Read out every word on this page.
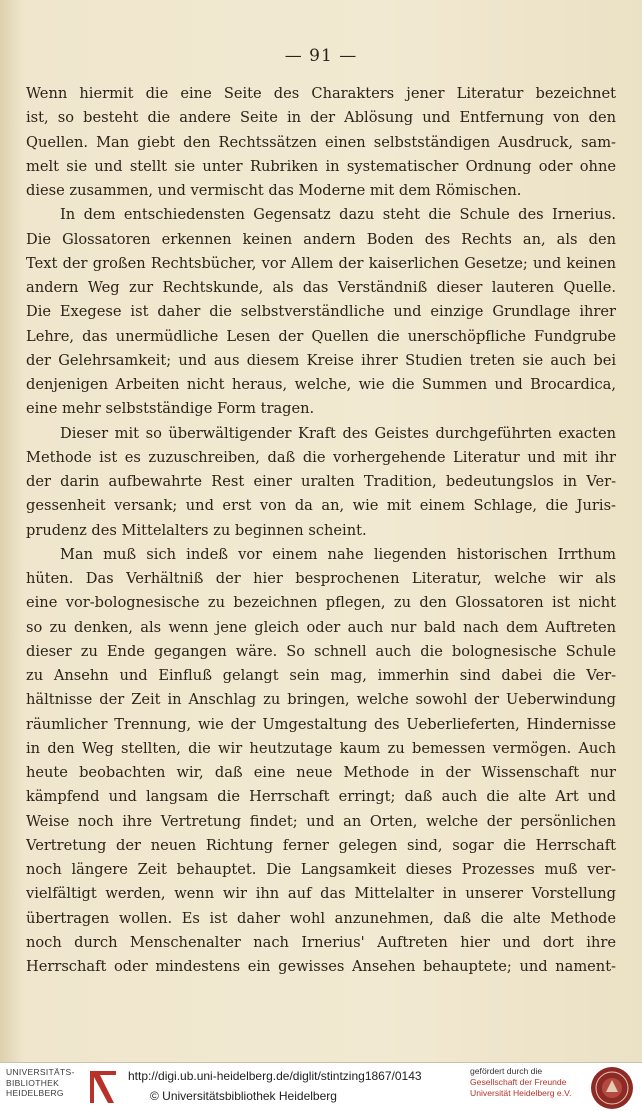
— 91 —
Wenn hiermit die eine Seite des Charakters jener Literatur bezeichnet
ist, so besteht die andere Seite in der Ablösung und Entfernung von den
Quellen. Man giebt den Rechtssätzen einen selbstständigen Ausdruck, sam-
melt sie und stellt sie unter Rubriken in systematischer Ordnung oder ohne
diese zusammen, und vermischt das Moderne mit dem Römischen.
In dem entschiedensten Gegensatz dazu steht die Schule des Irnerius.
Die Glossatoren erkennen keinen andern Boden des Rechts an, als den
Text der großen Rechtsbücher, vor Allem der kaiserlichen Gesetze; und keinen
andern Weg zur Rechtskunde, als das Verständniß dieser lauteren Quelle.
Die Exegese ist daher die selbstverständliche und einzige Grundlage ihrer
Lehre, das unermüdliche Lesen der Quellen die unerschöpfliche Fundgrube
der Gelehrsamkeit; und aus diesem Kreise ihrer Studien treten sie auch bei
denjenigen Arbeiten nicht heraus, welche, wie die Summen und Brocardica,
eine mehr selbstständige Form tragen.
Dieser mit so überwältigender Kraft des Geistes durchgeführten exacten
Methode ist es zuzuschreiben, daß die vorhergehende Literatur und mit ihr
der darin aufbewahrte Rest einer uralten Tradition, bedeutungslos in Ver-
gessenheit versank; und erst von da an, wie mit einem Schlage, die Juris-
prudenz des Mittelalters zu beginnen scheint.
Man muß sich indeß vor einem nahe liegenden historischen Irrthum
hüten. Das Verhältniß der hier besprochenen Literatur, welche wir als
eine vor-bolognesische zu bezeichnen pflegen, zu den Glossatoren ist nicht
so zu denken, als wenn jene gleich oder auch nur bald nach dem Auftreten
dieser zu Ende gegangen wäre. So schnell auch die bolognesische Schule
zu Ansehn und Einfluß gelangt sein mag, immerhin sind dabei die Ver-
hältnisse der Zeit in Anschlag zu bringen, welche sowohl der Ueberwindung
räumlicher Trennung, wie der Umgestaltung des Ueberlieferten, Hindernisse
in den Weg stellten, die wir heutzutage kaum zu bemessen vermögen. Auch
heute beobachten wir, daß eine neue Methode in der Wissenschaft nur
kämpfend und langsam die Herrschaft erringt; daß auch die alte Art und
Weise noch ihre Vertretung findet; und an Orten, welche der persönlichen
Vertretung der neuen Richtung ferner gelegen sind, sogar die Herrschaft
noch längere Zeit behauptet. Die Langsamkeit dieses Prozesses muß ver-
vielfältigt werden, wenn wir ihn auf das Mittelalter in unserer Vorstellung
übertragen wollen. Es ist daher wohl anzunehmen, daß die alte Methode
noch durch Menschenalter nach Irnerius' Auftreten hier und dort ihre
Herrschaft oder mindestens ein gewisses Ansehen behauptete; und nament-
UNIVERSITÄTS-
BIBLIOTHEK
HEIDELBERG
http://digi.ub.uni-heidelberg.de/diglit/stintzing1867/0143
© Universitätsbibliothek Heidelberg
gefördert durch die
Gesellschaft der Freunde
Universität Heidelberg e.V.
